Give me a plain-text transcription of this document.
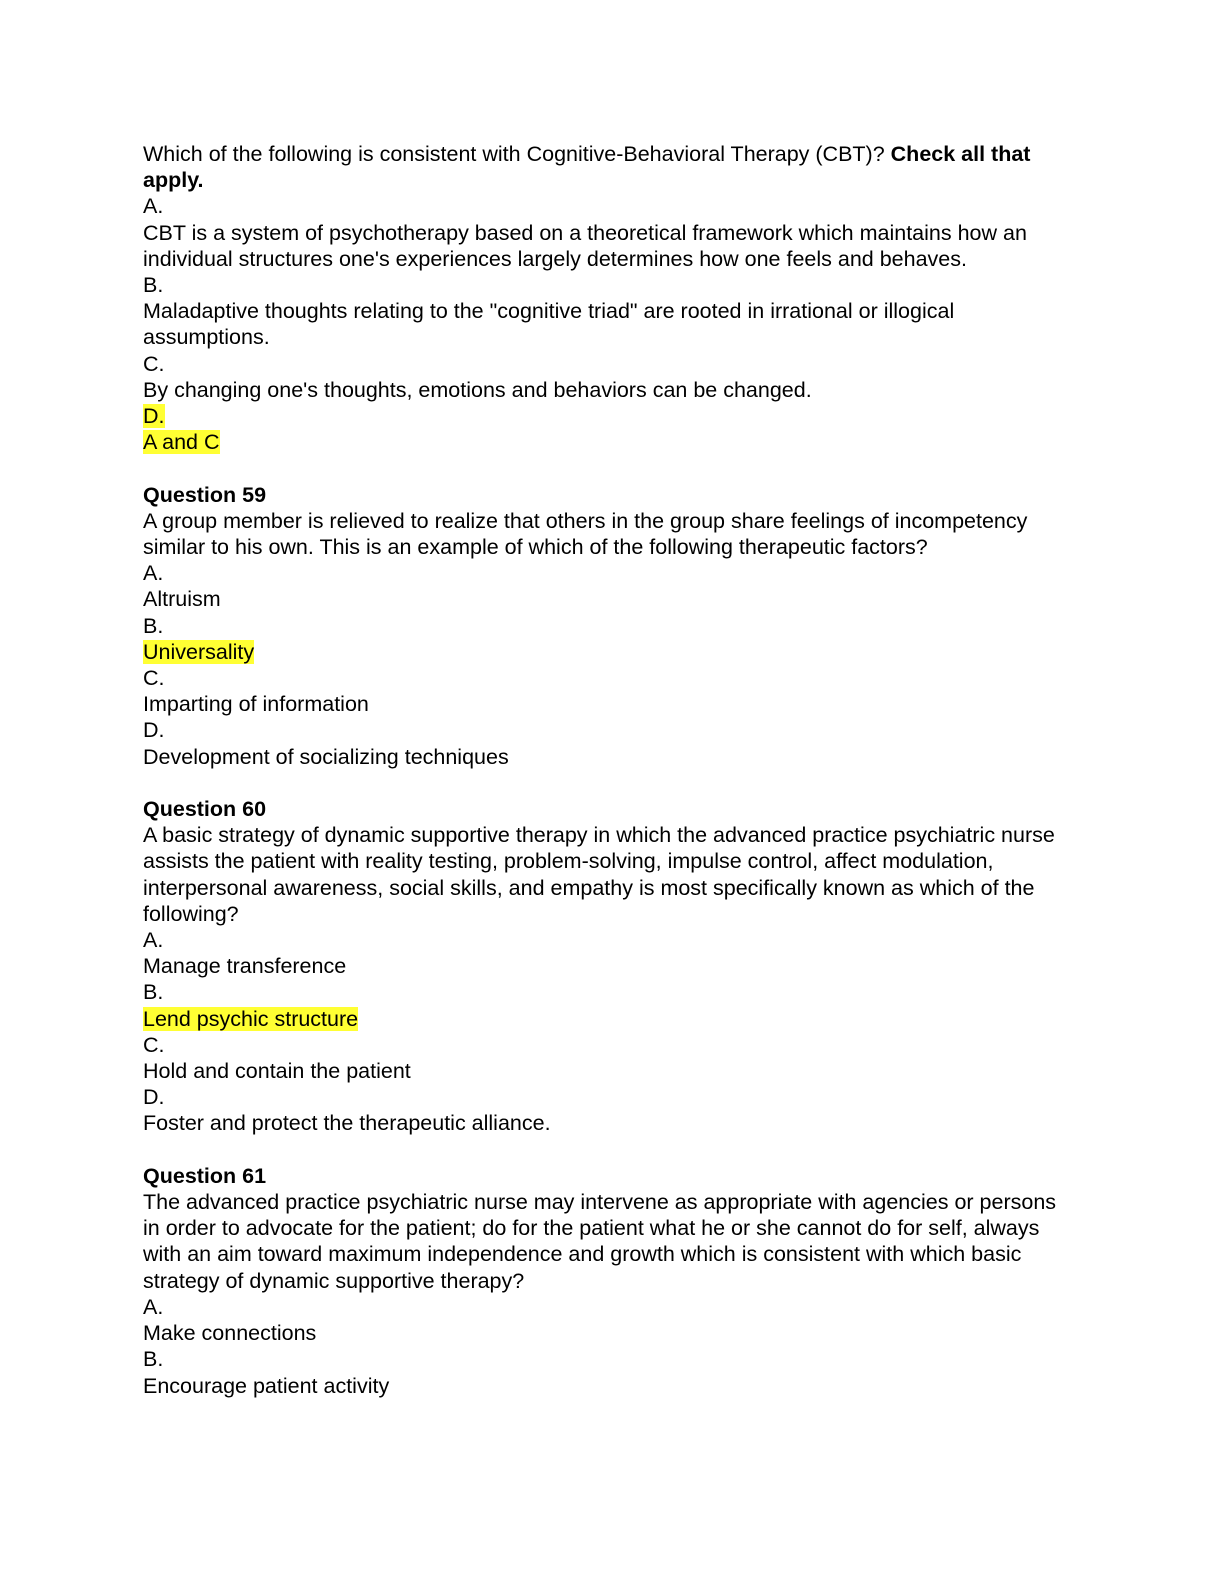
Which of the following is consistent with Cognitive-Behavioral Therapy (CBT)? Check all that apply.
A.
CBT is a system of psychotherapy based on a theoretical framework which maintains how an individual structures one's experiences largely determines how one feels and behaves.
B.
Maladaptive thoughts relating to the "cognitive triad" are rooted in irrational or illogical assumptions.
C.
By changing one's thoughts, emotions and behaviors can be changed.
D.
A and C
Question 59
A group member is relieved to realize that others in the group share feelings of incompetency similar to his own. This is an example of which of the following therapeutic factors?
A.
Altruism
B.
Universality
C.
Imparting of information
D.
Development of socializing techniques
Question 60
A basic strategy of dynamic supportive therapy in which the advanced practice psychiatric nurse assists the patient with reality testing, problem-solving, impulse control, affect modulation, interpersonal awareness, social skills, and empathy is most specifically known as which of the following?
A.
Manage transference
B.
Lend psychic structure
C.
Hold and contain the patient
D.
Foster and protect the therapeutic alliance.
Question 61
The advanced practice psychiatric nurse may intervene as appropriate with agencies or persons in order to advocate for the patient; do for the patient what he or she cannot do for self, always with an aim toward maximum independence and growth which is consistent with which basic strategy of dynamic supportive therapy?
A.
Make connections
B.
Encourage patient activity
